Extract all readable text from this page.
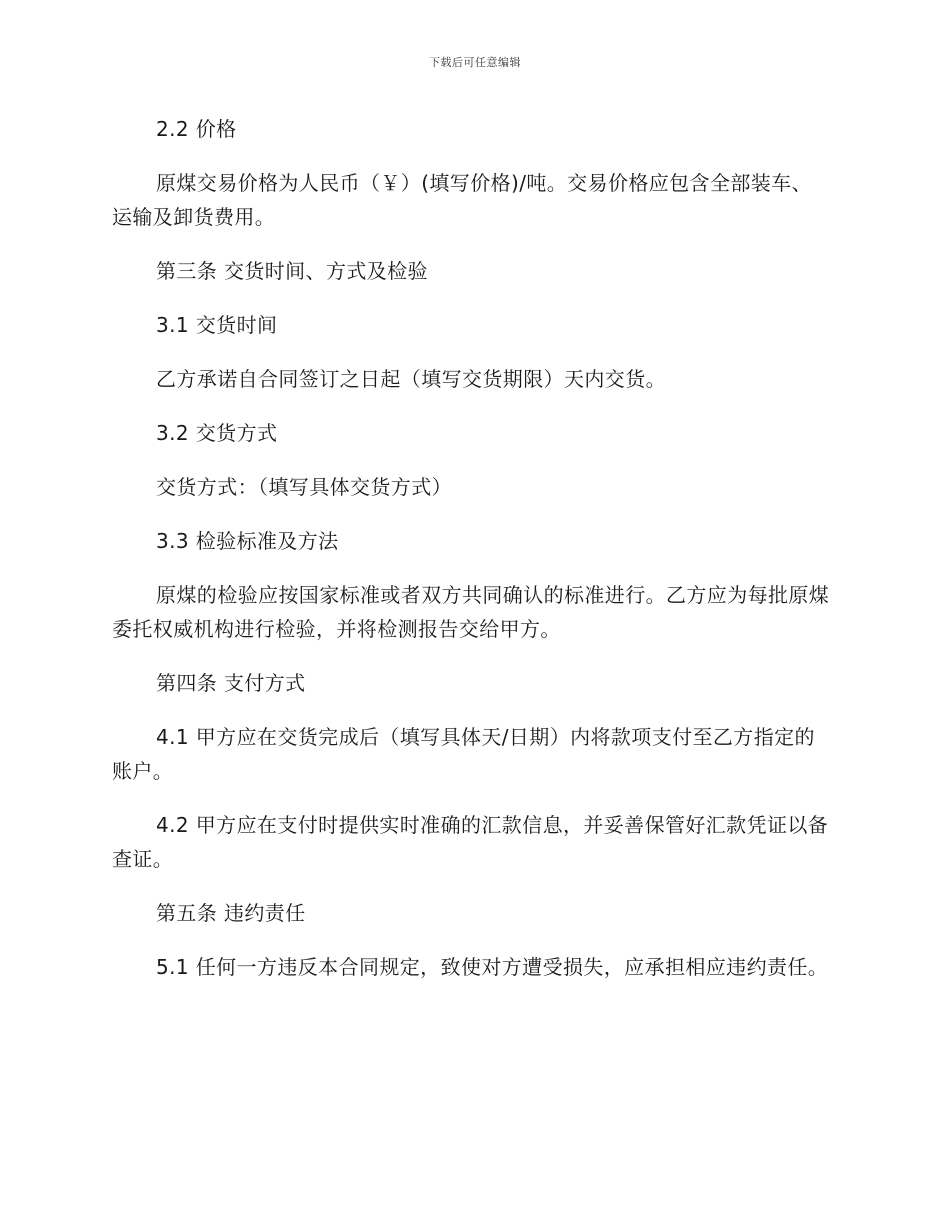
下载后可任意编辑

2.2 价格

原煤交易价格为人民币（￥）(填写价格)/吨。交易价格应包含全部装车、运输及卸货费用。

第三条 交货时间、方式及检验

3.1 交货时间

乙方承诺自合同签订之日起（填写交货期限）天内交货。

3.2 交货方式

交货方式：（填写具体交货方式）

3.3 检验标准及方法

原煤的检验应按国家标准或者双方共同确认的标准进行。乙方应为每批原煤委托权威机构进行检验，并将检测报告交给甲方。

第四条 支付方式

4.1 甲方应在交货完成后（填写具体天/日期）内将款项支付至乙方指定的账户。

4.2 甲方应在支付时提供实时准确的汇款信息，并妥善保管好汇款凭证以备查证。

第五条 违约责任

5.1 任何一方违反本合同规定，致使对方遭受损失，应承担相应违约责任。
